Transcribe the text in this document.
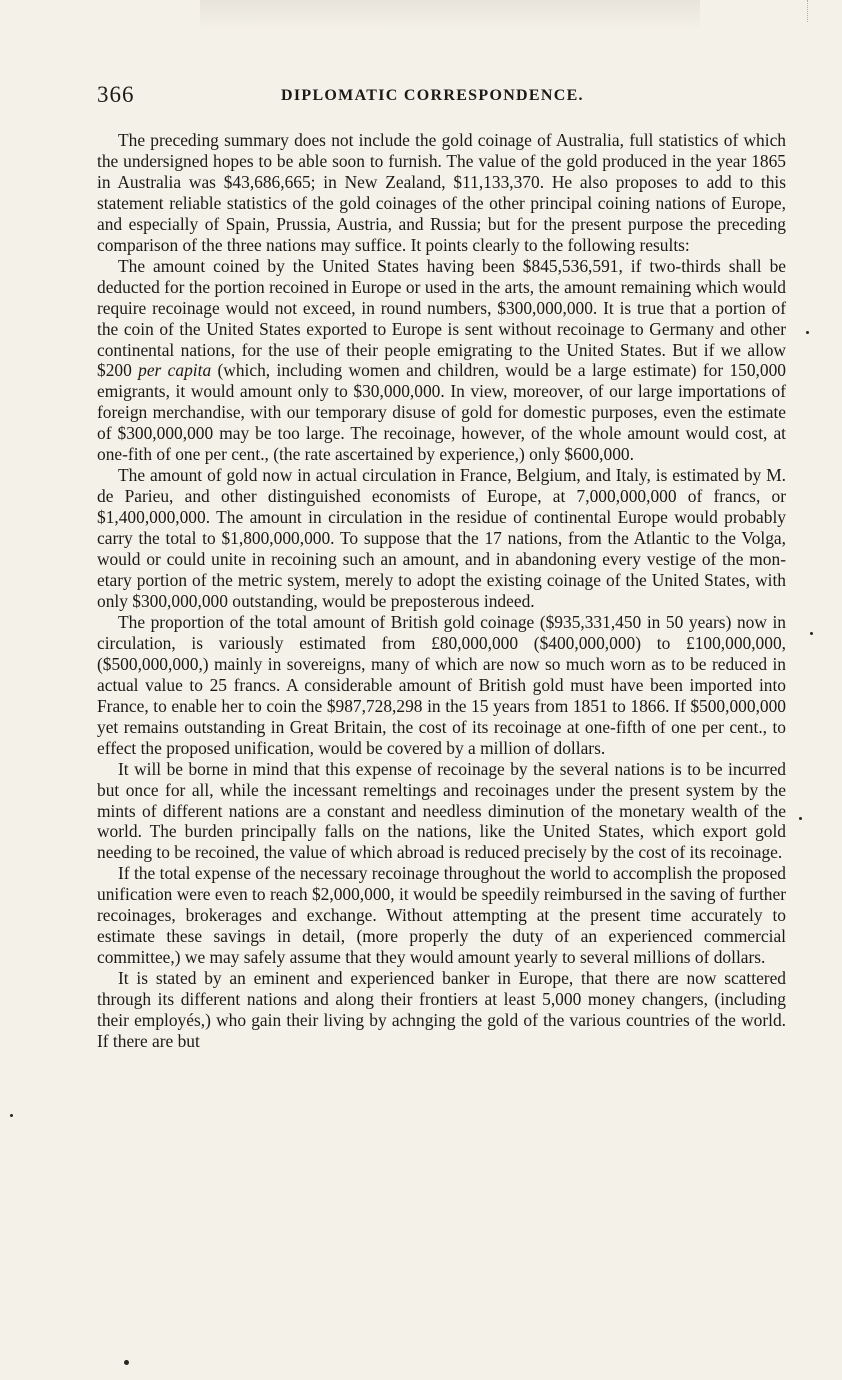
366	DIPLOMATIC CORRESPONDENCE.

The preceding summary does not include the gold coinage of Australia, full statistics of which the undersigned hopes to be able soon to furnish. The value of the gold produced in the year 1865 in Australia was $43,686,665; in New Zealand, $11,133,370. He also proposes to add to this statement reliable statistics of the gold coinages of the other principal coining nations of Europe, and especially of Spain, Prussia, Austria, and Russia; but for the present purpose the preceding comparison of the three nations may suffice. It points clearly to the following results:

The amount coined by the United States having been $845,536,591, if two-thirds shall be deducted for the portion recoined in Europe or used in the arts, the amount remaining which would require recoinage would not exceed, in round numbers, $300,000,000. It is true that a portion of the coin of the United States exported to Europe is sent without recoinage to Germany and other continental nations, for the use of their people emigrating to the United States. But if we allow $200 per capita (which, including women and children, would be a large estimate) for 150,000 emigrants, it would amount only to $30,000,000. In view, moreover, of our large importations of foreign merchandise, with our temporary disuse of gold for domestic purposes, even the estimate of $300,000,000 may be too large. The recoinage, however, of the whole amount would cost, at one-fith of one per cent., (the rate ascertained by experience,) only $600,000.

The amount of gold now in actual circulation in France, Belgium, and Italy, is estimated by M. de Parieu, and other distinguished economists of Europe, at 7,000,000,000 of francs, or $1,400,000,000. The amount in circulation in the residue of continental Europe would probably carry the total to $1,800,000,000. To suppose that the 17 nations, from the Atlantic to the Volga, would or could unite in recoining such an amount, and in abandoning every vestige of the monetary portion of the metric system, merely to adopt the existing coinage of the United States, with only $300,000,000 outstanding, would be preposterous indeed.

The proportion of the total amount of British gold coinage ($935,331,450 in 50 years) now in circulation, is variously estimated from £80,000,000 ($400,000,000) to £100,000,000, ($500,000,000,) mainly in sovereigns, many of which are now so much worn as to be reduced in actual value to 25 francs. A considerable amount of British gold must have been imported into France, to enable her to coin the $987,728,298 in the 15 years from 1851 to 1866. If $500,000,000 yet remains outstanding in Great Britain, the cost of its recoinage at one-fifth of one per cent., to effect the proposed unification, would be covered by a million of dollars.

It will be borne in mind that this expense of recoinage by the several nations is to be incurred but once for all, while the incessant remeltings and recoinages under the present system by the mints of different nations are a constant and needless diminution of the monetary wealth of the world. The burden principally falls on the nations, like the United States, which export gold needing to be recoined, the value of which abroad is reduced precisely by the cost of its recoinage.

If the total expense of the necessary recoinage throughout the world to accomplish the proposed unification were even to reach $2,000,000, it would be speedily reimbursed in the saving of further recoinages, brokerages and exchange. Without attempting at the present time accurately to estimate these savings in detail, (more properly the duty of an experienced commercial committee,) we may safely assume that they would amount yearly to several millions of dollars.

It is stated by an eminent and experienced banker in Europe, that there are now scattered through its different nations and along their frontiers at least 5,000 money changers, (including their employés,) who gain their living by achnging the gold of the various countries of the world. If there are but
